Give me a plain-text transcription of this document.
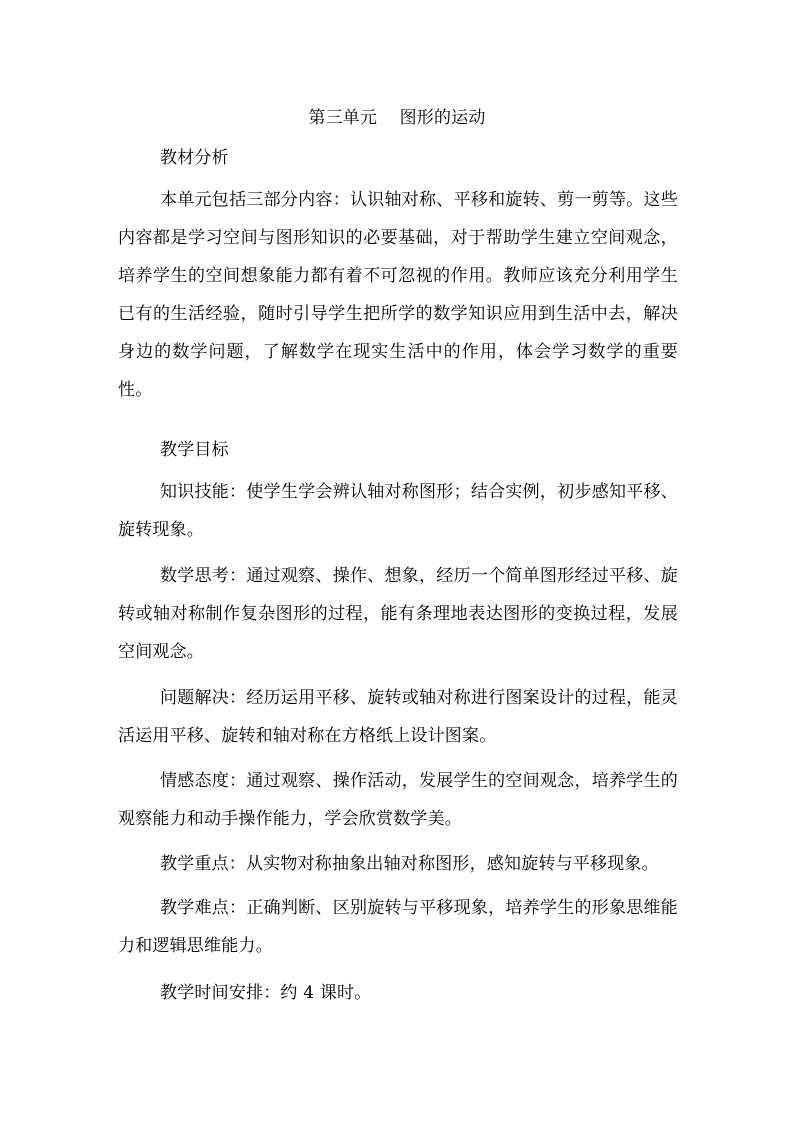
第三单元    图形的运动
教材分析
本单元包括三部分内容：认识轴对称、平移和旋转、剪一剪等。这些内容都是学习空间与图形知识的必要基础，对于帮助学生建立空间观念，培养学生的空间想象能力都有着不可忽视的作用。教师应该充分利用学生已有的生活经验，随时引导学生把所学的数学知识应用到生活中去，解决身边的数学问题，了解数学在现实生活中的作用，体会学习数学的重要性。
教学目标
知识技能：使学生学会辨认轴对称图形；结合实例，初步感知平移、旋转现象。
数学思考：通过观察、操作、想象，经历一个简单图形经过平移、旋转或轴对称制作复杂图形的过程，能有条理地表达图形的变换过程，发展空间观念。
问题解决：经历运用平移、旋转或轴对称进行图案设计的过程，能灵活运用平移、旋转和轴对称在方格纸上设计图案。
情感态度：通过观察、操作活动，发展学生的空间观念，培养学生的观察能力和动手操作能力，学会欣赏数学美。
教学重点：从实物对称抽象出轴对称图形，感知旋转与平移现象。
教学难点：正确判断、区别旋转与平移现象，培养学生的形象思维能力和逻辑思维能力。
教学时间安排：约 4 课时。
